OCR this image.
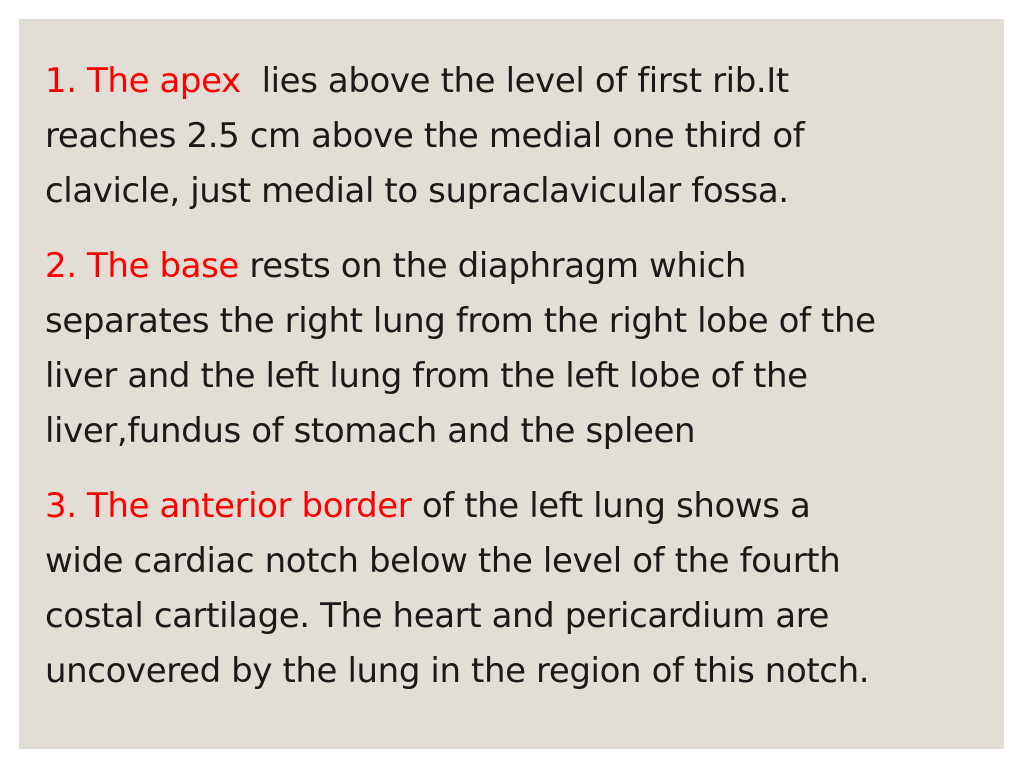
1. The apex lies above the level of first rib.It
reaches 2.5 cm above the medial one third of
clavicle, just medial to supraclavicular fossa.
2. The base rests on the diaphragm which
separates the right lung from the right lobe of the
liver and the left lung from the left lobe of the
liver,fundus of stomach and the spleen
3. The anterior border of the left lung shows a
wide cardiac notch below the level of the fourth
costal cartilage. The heart and pericardium are
uncovered by the lung in the region of this notch.
